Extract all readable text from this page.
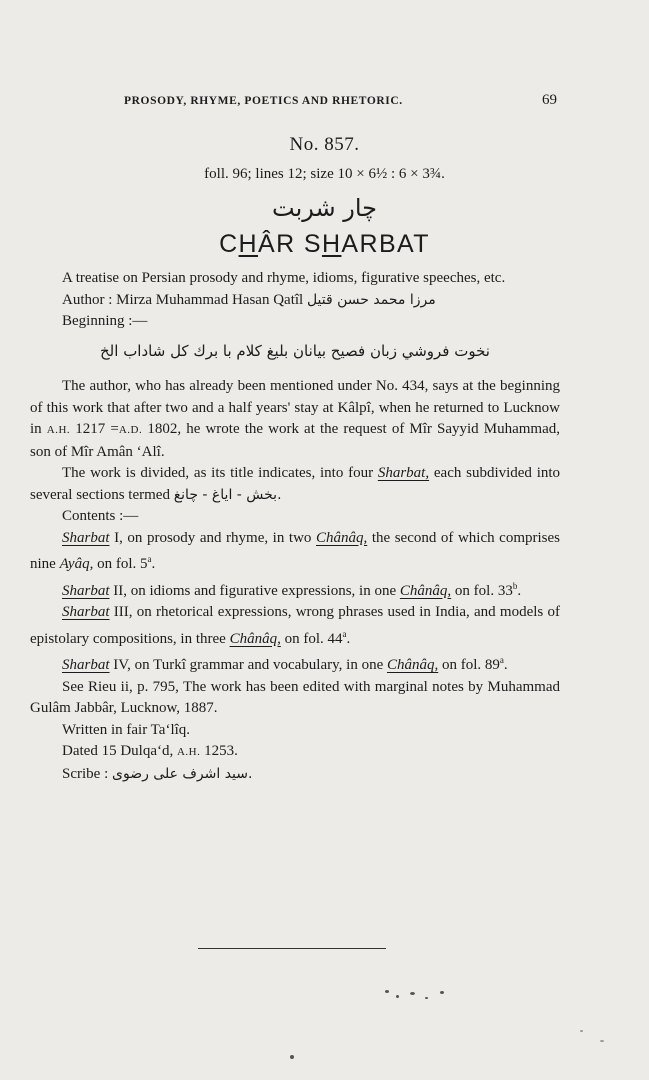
PROSODY, RHYME, POETICS AND RHETORIC.	69
No. 857.
foll. 96; lines 12; size 10 × 6½ : 6 × 3¾.
چار شربت
CHÂR SHARBAT

A treatise on Persian prosody and rhyme, idioms, figurative speeches, etc.

Author : Mirza Muhammad Hasan Qatîl مرزا محمد حسن قتیل

Beginning :—

نخوت فروشي زبان فصيح بيانان بليغ كلام با برك كل شاداب الخ

The author, who has already been mentioned under No. 434, says at the beginning of this work that after two and a half years' stay at Kâlpî, when he returned to Lucknow in A.H. 1217 =A.D. 1802, he wrote the work at the request of Mîr Sayyid Muhammad, son of Mîr Amân ‘Alî.

The work is divided, as its title indicates, into four Sharbat, each subdivided into several sections termed بخش - اياغ - چانغ.

Contents :—

Sharbat I, on prosody and rhyme, in two Chânâq, the second of which comprises nine Ayâq, on fol. 5$^a$.

Sharbat II, on idioms and figurative expressions, in one Chânâq, on fol. 33$^b$.

Sharbat III, on rhetorical expressions, wrong phrases used in India, and models of epistolary compositions, in three Chânâq, on fol. 44$^a$.

Sharbat IV, on Turkî grammar and vocabulary, in one Chânâq, on fol. 89$^a$.

See Rieu ii, p. 795, The work has been edited with marginal notes by Muhammad Gulâm Jabbâr, Lucknow, 1887.

Written in fair Ta‘lîq.

Dated 15 Dulqa‘d, A.H. 1253.

Scribe : سید اشرف علی رضوی.
